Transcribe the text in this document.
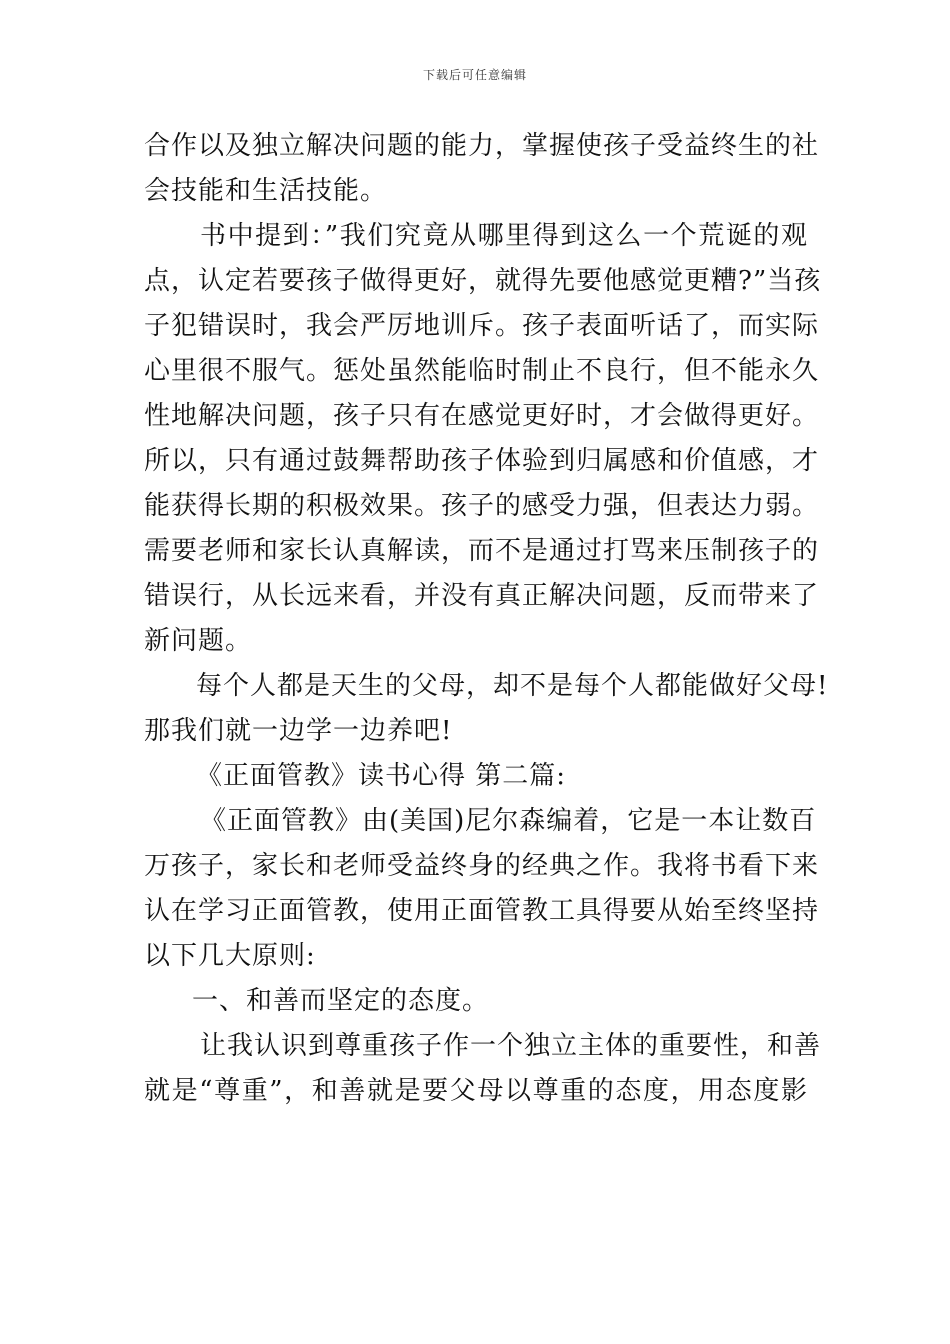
下载后可任意编辑
合作以及独立解决问题的能力，掌握使孩子受益终生的社
会技能和生活技能。
书中提到：”我们究竟从哪里得到这么一个荒诞的观
点，认定若要孩子做得更好，就得先要他感觉更糟?”当孩
子犯错误时，我会严厉地训斥。孩子表面听话了，而实际
心里很不服气。惩处虽然能临时制止不良行，但不能永久
性地解决问题，孩子只有在感觉更好时，才会做得更好。
所以，只有通过鼓舞帮助孩子体验到归属感和价值感，才
能获得长期的积极效果。孩子的感受力强，但表达力弱。
需要老师和家长认真解读，而不是通过打骂来压制孩子的
错误行，从长远来看，并没有真正解决问题，反而带来了
新问题。
每个人都是天生的父母，却不是每个人都能做好父母!
那我们就一边学一边养吧!
《正面管教》读书心得 第二篇:
《正面管教》由(美国)尼尔森编着，它是一本让数百
万孩子，家长和老师受益终身的经典之作。我将书看下来
认在学习正面管教，使用正面管教工具得要从始至终坚持
以下几大原则:
一、和善而坚定的态度。
让我认识到尊重孩子作一个独立主体的重要性，和善
就是“尊重”，和善就是要父母以尊重的态度，用态度影
